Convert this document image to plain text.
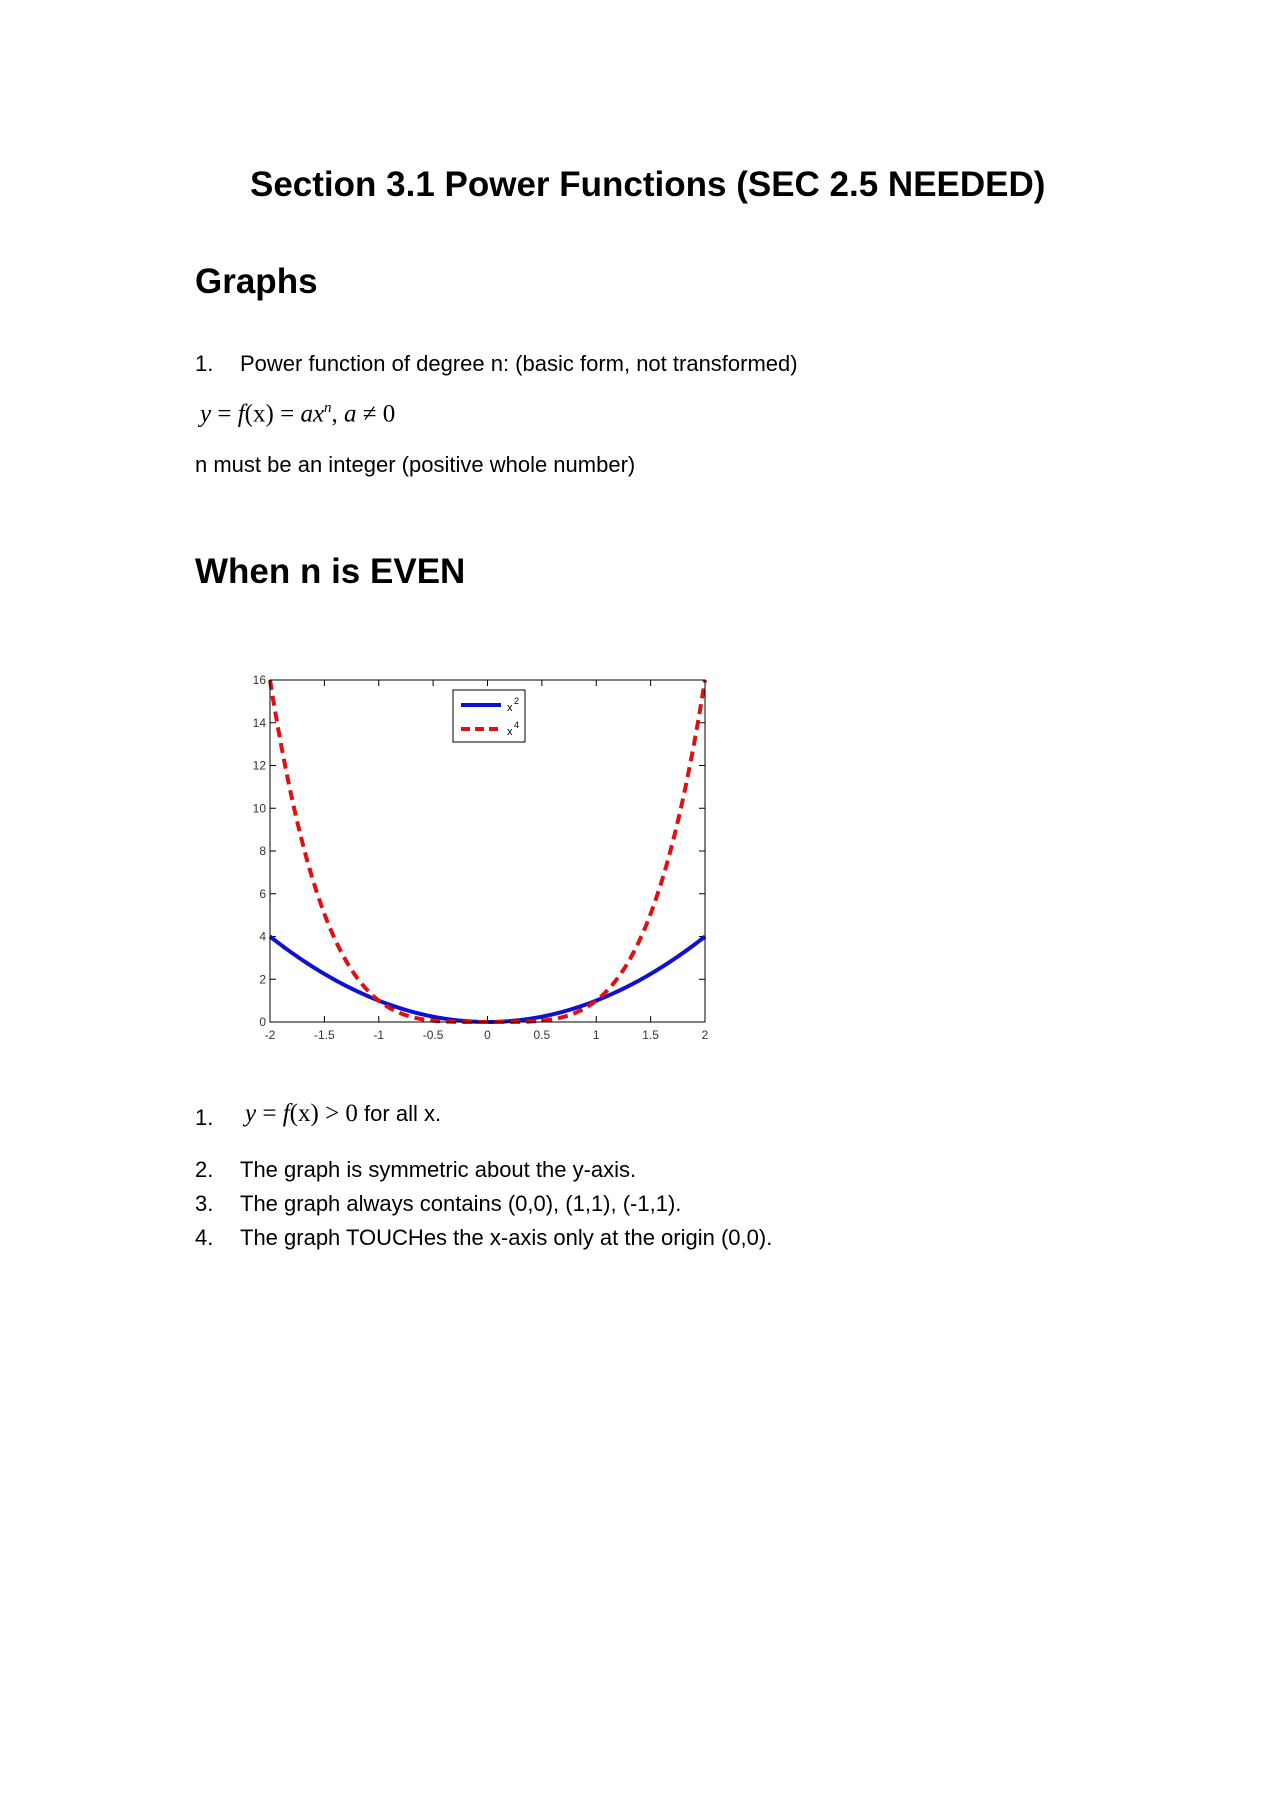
Section 3.1 Power Functions (SEC 2.5 NEEDED)
Graphs
1. Power function of degree n: (basic form, not transformed)
$y = f(x) = ax^n$, a ≠ 0
n must be an integer (positive whole number)
When n is EVEN
-2	-1.5	-1	-0.5	0	0.5	1	1.5	2
0
2
4
6
8
10
12
14
16
x
2
x
4
1. y = f(x) > 0 for all x.
2. The graph is symmetric about the y-axis.
3. The graph always contains (0,0), (1,1), (-1,1).
4. The graph TOUCHes the x-axis only at the origin (0,0).
